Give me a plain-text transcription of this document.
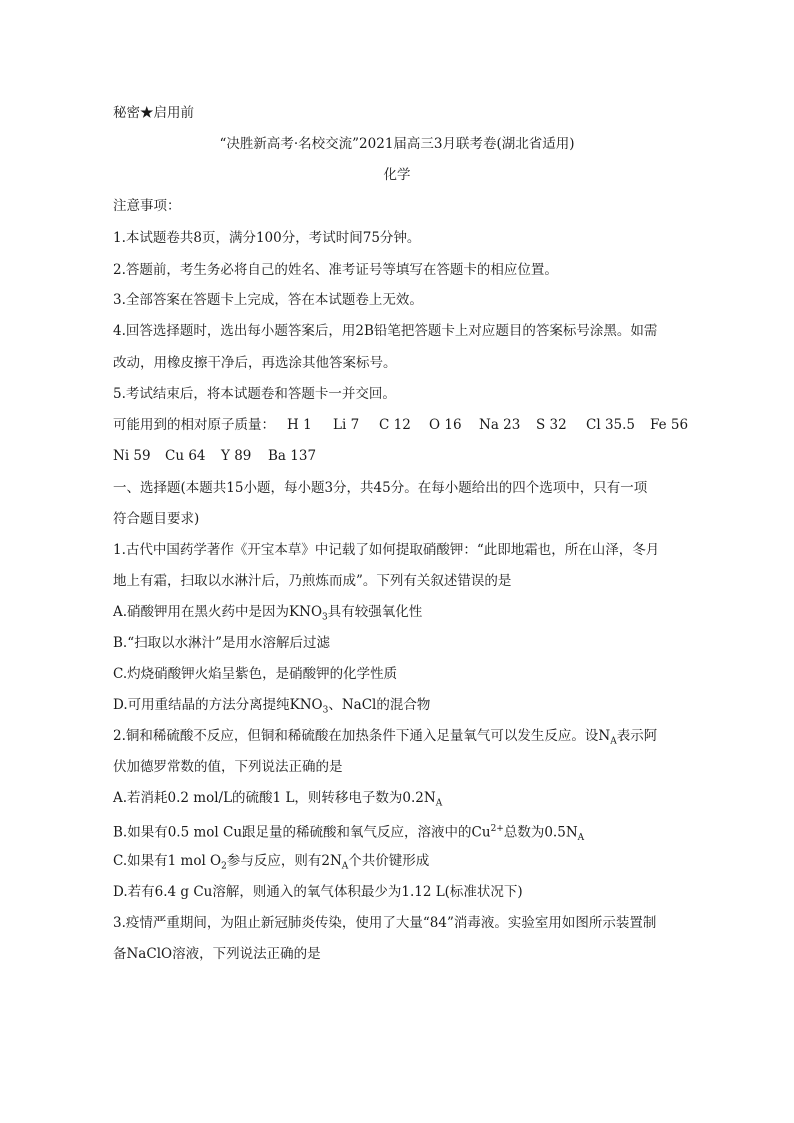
秘密★启用前
“决胜新高考·名校交流”2021届高三3月联考卷(湖北省适用)
化学
注意事项：
1.本试题卷共8页，满分100分，考试时间75分钟。
2.答题前，考生务必将自己的姓名、准考证号等填写在答题卡的相应位置。
3.全部答案在答题卡上完成，答在本试题卷上无效。
4.回答选择题时，选出每小题答案后，用2B铅笔把答题卡上对应题目的答案标号涂黑。如需
改动，用橡皮擦干净后，再选涂其他答案标号。
5.考试结束后，将本试题卷和答题卡一并交回。
可能用到的相对原子质量： H 1 Li 7 C 12 O 16 Na 23 S 32 Cl 35.5 Fe 56
Ni 59 Cu 64 Y 89 Ba 137
一、选择题(本题共15小题，每小题3分，共45分。在每小题给出的四个选项中，只有一项
符合题目要求)
1.古代中国药学著作《开宝本草》中记载了如何提取硝酸钾：“此即地霜也，所在山泽，冬月
地上有霜，扫取以水淋汁后，乃煎炼而成”。下列有关叙述错误的是
A.硝酸钾用在黑火药中是因为$KNO_3$具有较强氧化性
B.“扫取以水淋汁”是用水溶解后过滤
C.灼烧硝酸钾火焰呈紫色，是硝酸钾的化学性质
D.可用重结晶的方法分离提纯$KNO_3$、NaCl的混合物
2.铜和稀硫酸不反应，但铜和稀硫酸在加热条件下通入足量氧气可以发生反应。设$N_A$表示阿
伏加德罗常数的值，下列说法正确的是
A.若消耗0.2 mol/L的硫酸1 L，则转移电子数为$0.2N_A$
B.如果有0.5 mol Cu跟足量的稀硫酸和氧气反应，溶液中的$Cu^{2+}$总数为$0.5N_A$
C.如果有1 mol $O_2$参与反应，则有$2N_A$个共价键形成
D.若有6.4 g Cu溶解，则通入的氧气体积最少为1.12 L(标准状况下)
3.疫情严重期间，为阻止新冠肺炎传染，使用了大量“84”消毒液。实验室用如图所示装置制
备NaClO溶液，下列说法正确的是
